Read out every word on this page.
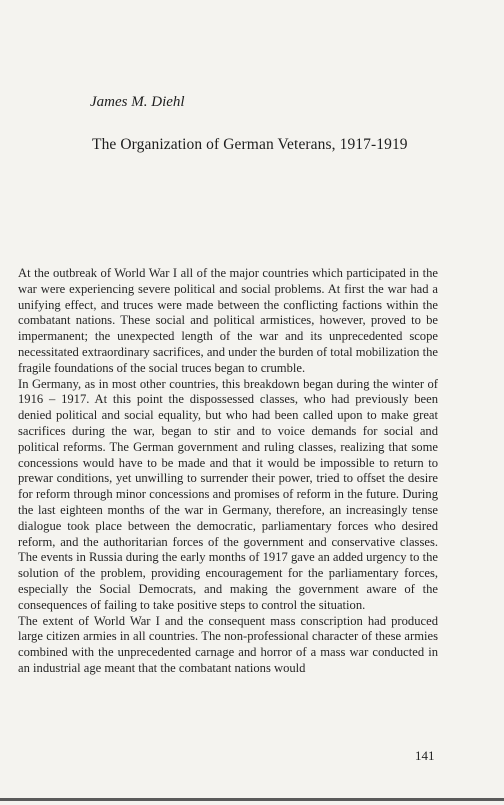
James M. Diehl
The Organization of German Veterans, 1917-1919

At the outbreak of World War I all of the major countries which participated in the war were experiencing severe political and social problems. At first the war had a unifying effect, and truces were made between the conflicting factions within the combatant nations. These social and political armistices, however, proved to be impermanent; the unexpected length of the war and its unprecedented scope necessitated extraordinary sacrifices, and under the burden of total mobilization the fragile foundations of the social truces began to crumble.

In Germany, as in most other countries, this breakdown began during the winter of 1916 – 1917. At this point the dispossessed classes, who had previously been denied political and social equality, but who had been called upon to make great sacrifices during the war, began to stir and to voice demands for social and political reforms. The German government and ruling classes, realizing that some concessions would have to be made and that it would be impossible to return to prewar conditions, yet unwilling to surrender their power, tried to offset the desire for reform through minor concessions and promises of reform in the future. During the last eighteen months of the war in Germany, therefore, an increasingly tense dialogue took place between the democratic, parliamentary forces who desired reform, and the authoritarian forces of the government and conservative classes. The events in Russia during the early months of 1917 gave an added urgency to the solution of the problem, providing encouragement for the parliamentary forces, especially the Social Democrats, and making the government aware of the consequences of failing to take positive steps to control the situation.

The extent of World War I and the consequent mass conscription had produced large citizen armies in all countries. The non-professional character of these armies combined with the unprecedented carnage and horror of a mass war conducted in an industrial age meant that the combatant nations would

141
